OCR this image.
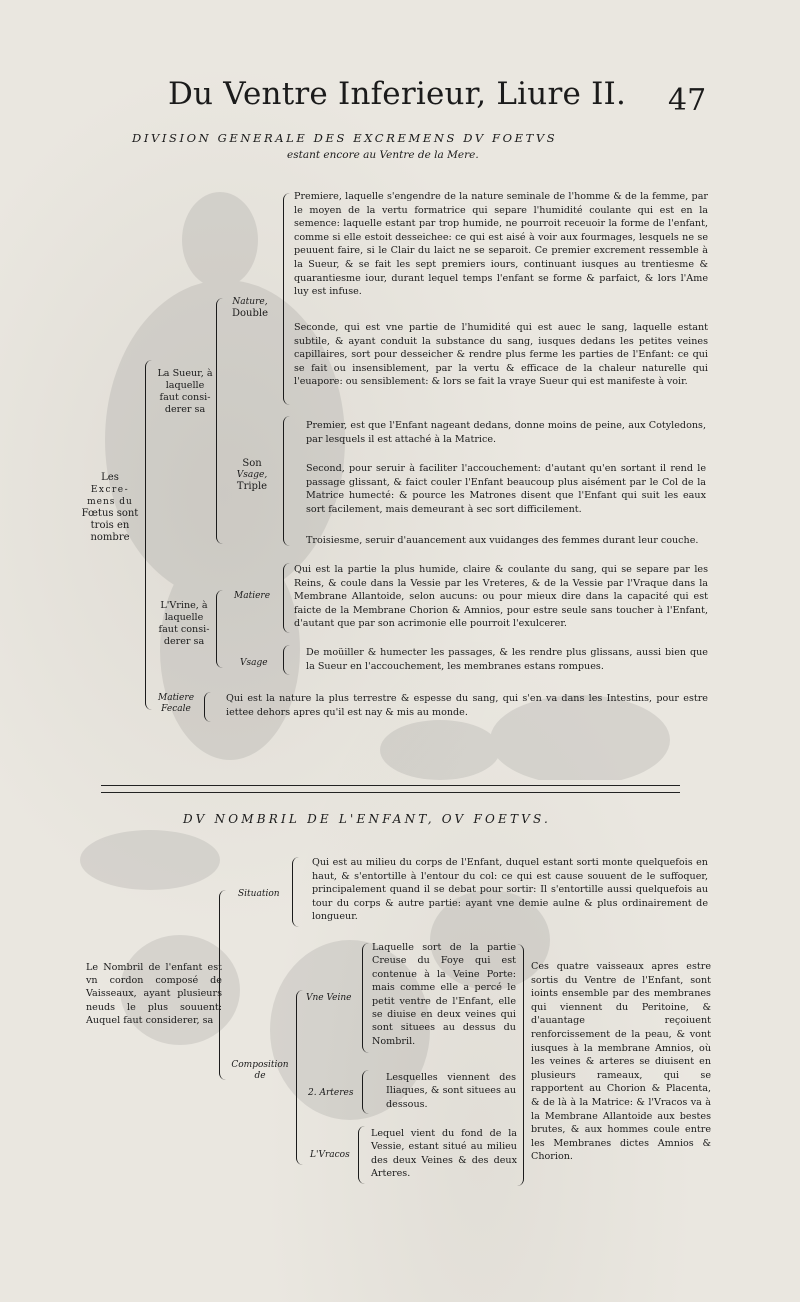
Du Ventre Inferieur, Liure II. 47
DIVISION GENERALE DES EXCREMENS DV FOETVS
estant encore au Ventre de la Mere.
Les
Excre-
mens du
Fœtus sont
trois en
nombre
La Sueur, à
laquelle
faut consi-
derer sa
Nature,
Double
Premiere, laquelle s'engendre de la nature seminale de l'homme & de la femme, par le moyen de la vertu formatrice qui separe l'humidité coulante qui est en la semence: laquelle estant par trop humide, ne pourroit receuoir la forme de l'enfant, comme si elle estoit desseichee: ce qui est aisé à voir aux fourmages, lesquels ne se peuuent faire, si le Clair du laict ne se separoit. Ce premier excrement ressemble à la Sueur, & se fait les sept premiers iours, continuant iusques au trentiesme & quarantiesme iour, durant lequel temps l'enfant se forme & parfaict, & lors l'Ame luy est infuse.
Seconde, qui est vne partie de l'humidité qui est auec le sang, laquelle estant subtile, & ayant conduit la substance du sang, iusques dedans les petites veines capillaires, sort pour desseicher & rendre plus ferme les parties de l'Enfant: ce qui se fait ou insensiblement, par la vertu & efficace de la chaleur naturelle qui l'euapore: ou sensiblement: & lors se fait la vraye Sueur qui est manifeste à voir.
Son
Vsage,
Triple
Premier, est que l'Enfant nageant dedans, donne moins de peine, aux Cotyledons, par lesquels il est attaché à la Matrice.
Second, pour seruir à faciliter l'accouchement: d'autant qu'en sortant il rend le passage glissant, & faict couler l'Enfant beaucoup plus aisément par le Col de la Matrice humecté: & pource les Matrones disent que l'Enfant qui suit les eaux sort facilement, mais demeurant à sec sort difficilement.
Troisiesme, seruir d'auancement aux vuidanges des femmes durant leur couche.
L'Vrine, à
laquelle
faut consi-
derer sa
Matiere
Qui est la partie la plus humide, claire & coulante du sang, qui se separe par les Reins, & coule dans la Vessie par les Vreteres, & de la Vessie par l'Vraque dans la Membrane Allantoide, selon aucuns: ou pour mieux dire dans la capacité qui est faicte de la Membrane Chorion & Amnios, pour estre seule sans toucher à l'Enfant, d'autant que par son acrimonie elle pourroit l'exulcerer.
Vsage
De moüiller & humecter les passages, & les rendre plus glissans, aussi bien que la Sueur en l'accouchement, les membranes estans rompues.
Matiere
Fecale
Qui est la nature la plus terrestre & espesse du sang, qui s'en va dans les Intestins, pour estre iettee dehors apres qu'il est nay & mis au monde.
DV NOMBRIL DE L'ENFANT, OV FOETVS.
Le Nombril de l'enfant est vn cordon composé de Vaisseaux, ayant plusieurs neuds le plus souuent: Auquel faut considerer, sa
Situation
Qui est au milieu du corps de l'Enfant, duquel estant sorti monte quelquefois en haut, & s'entortille à l'entour du col: ce qui est cause souuent de le suffoquer, principalement quand il se debat pour sortir: Il s'entortille aussi quelquefois au tour du corps & autre partie: ayant vne demie aulne & plus ordinairement de longueur.
Composition
de
Vne Veine
Laquelle sort de la partie Creuse du Foye qui est contenue à la Veine Porte: mais comme elle a percé le petit ventre de l'Enfant, elle se diuise en deux veines qui sont situees au dessus du Nombril.
2. Arteres
Lesquelles viennent des Iliaques, & sont situees au dessous.
L'Vracos
Lequel vient du fond de la Vessie, estant situé au milieu des deux Veines & des deux Arteres.
Ces quatre vaisseaux apres estre sortis du Ventre de l'Enfant, sont ioints ensemble par des membranes qui viennent du Peritoine, & d'auantage reçoiuent renforcissement de la peau, & vont iusques à la membrane Amnios, où les veines & arteres se diuisent en plusieurs rameaux, qui se rapportent au Chorion & Placenta, & de là à la Matrice: & l'Vracos va à la Membrane Allantoide aux bestes brutes, & aux hommes coule entre les Membranes dictes Amnios & Chorion.
